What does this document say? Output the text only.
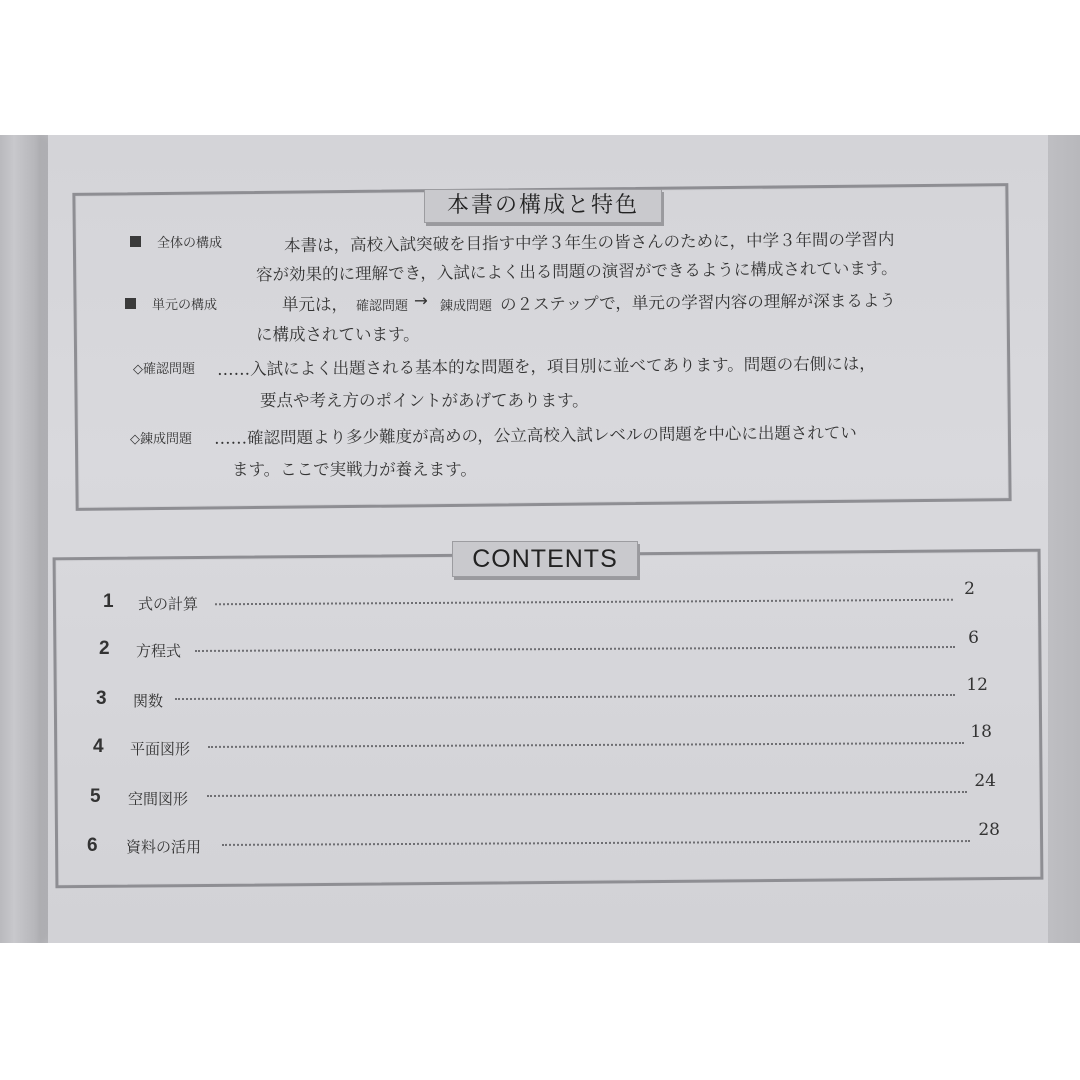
本書の構成と特色
全体の構成	本書は，高校入試突破を目指す中学３年生の皆さんのために，中学３年間の学習内
容が効果的に理解でき，入試によく出る問題の演習ができるように構成されています。
単元の構成	単元は， 確認問題 → 錬成問題 の２ステップで，単元の学習内容の理解が深まるよう
に構成されています。
◇確認問題 ……入試によく出題される基本的な問題を，項目別に並べてあります。問題の右側には，
要点や考え方のポイントがあげてあります。
◇錬成問題 ……確認問題より多少難度が高めの，公立高校入試レベルの問題を中心に出題されてい
ます。ここで実戦力が養えます。
CONTENTS
1 式の計算
2
2 方程式
6
3 関数
12
4 平面図形
18
5 空間図形
24
6 資料の活用
28
